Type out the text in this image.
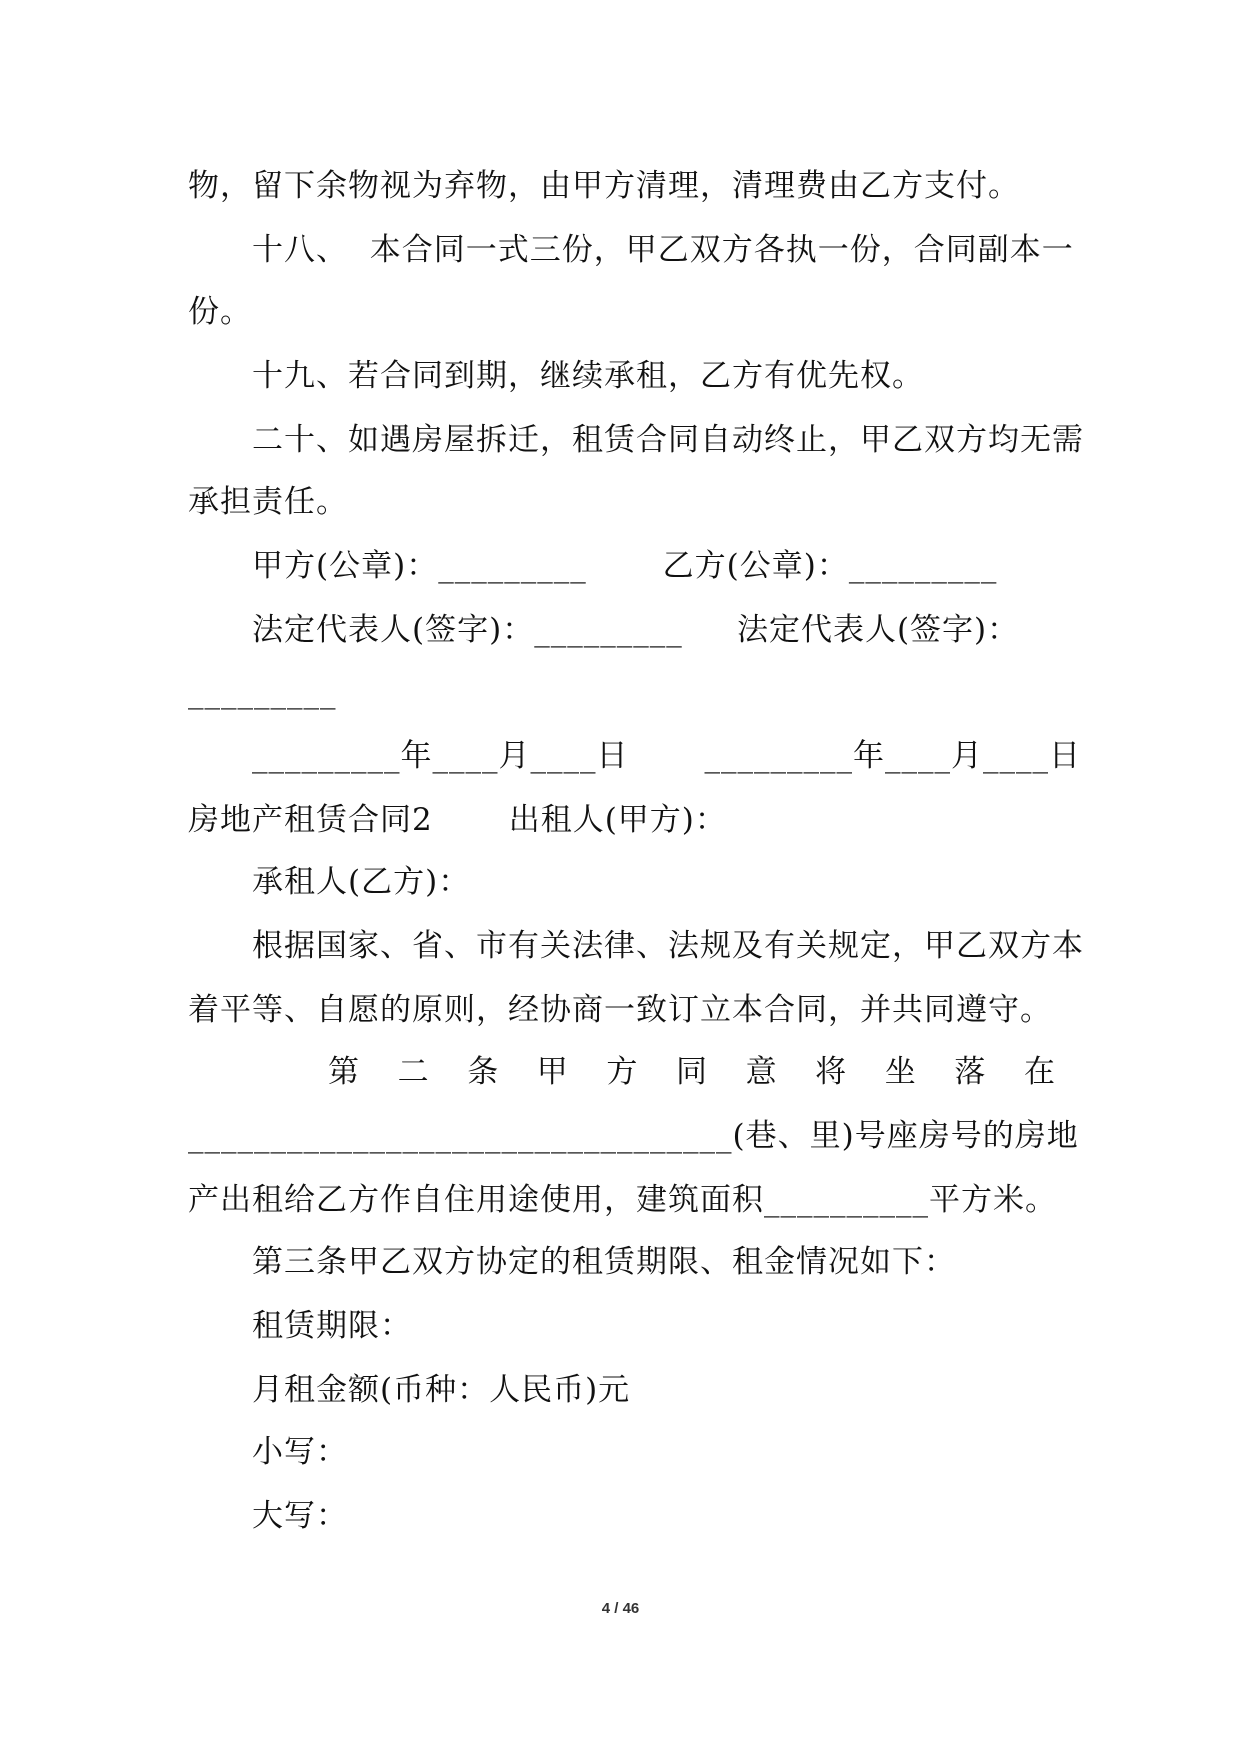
物，留下余物视为弃物，由甲方清理，清理费由乙方支付。
十八、  本合同一式三份，甲乙双方各执一份，合同副本一
份。
十九、若合同到期，继续承租，乙方有优先权。
二十、如遇房屋拆迁，租赁合同自动终止，甲乙双方均无需
承担责任。
甲方(公章)：_________       乙方(公章)：_________
法定代表人(签字)：_________     法定代表人(签字)：
_________
_________年____月____日       _________年____月____日
房地产租赁合同2       出租人(甲方)：
承租人(乙方)：
根据国家、省、市有关法律、法规及有关规定，甲乙双方本
着平等、自愿的原则，经协商一致订立本合同，并共同遵守。
第 二 条 甲 方 同 意 将 坐 落 在
_________________________________(巷、里)号座房号的房地
产出租给乙方作自住用途使用，建筑面积__________平方米。
第三条甲乙双方协定的租赁期限、租金情况如下：
租赁期限：
月租金额(币种：人民币)元
小写：
大写：
4 / 46
